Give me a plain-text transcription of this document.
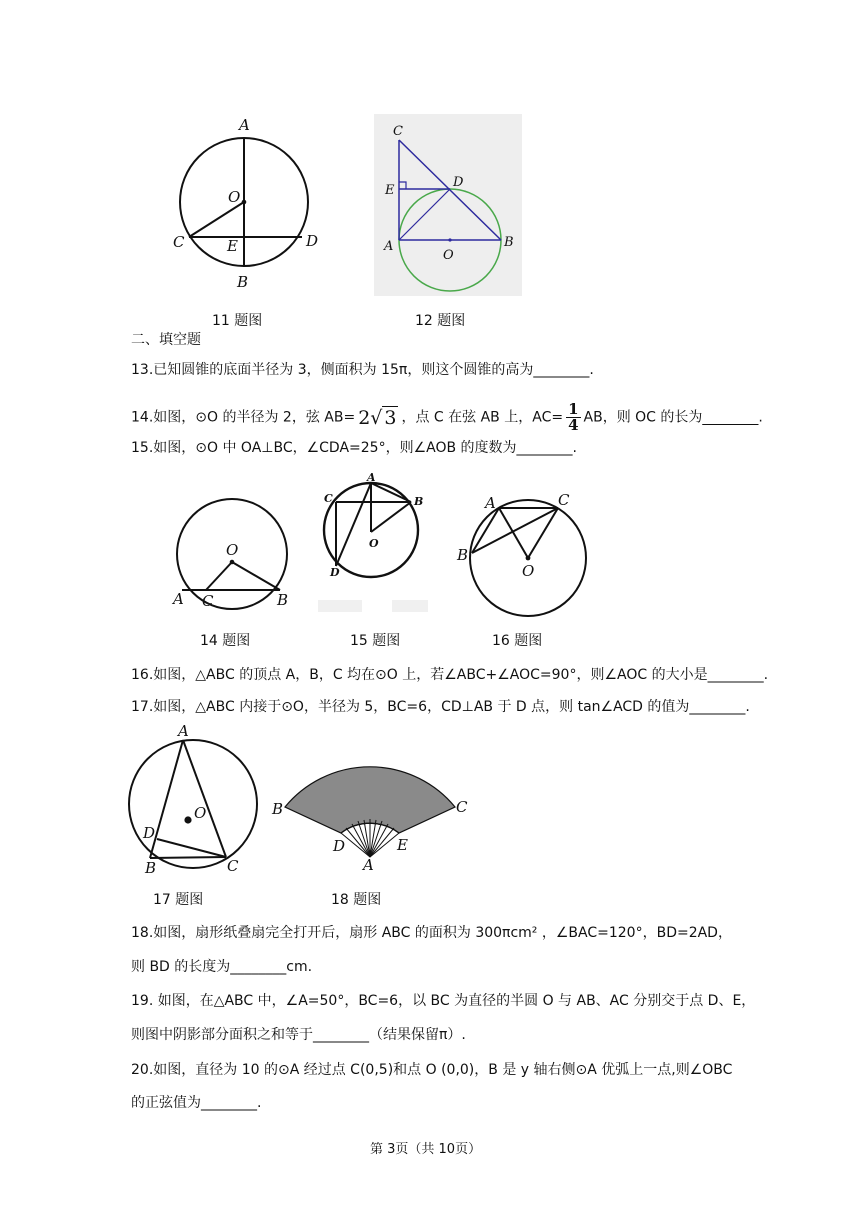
A
O
C	E	D
B
11 题图
C
E
D
A
O
B
12 题图
二、填空题
13.已知圆锥的底面半径为 3，侧面积为 15π，则这个圆锥的高为________.
14.如图，⊙O 的半径为 2，弦 AB= 2√ 3 ，点 C 在弦 AB 上，$AC= \frac{1}{4}$ AB，则 OC 的长为________.
15.如图，⊙O 中 OA⊥BC，∠CDA=25°，则∠AOB 的度数为________.
O
A C	B
14 题图
C
A
B
O
D
15 题图
A	C
B
O
16 题图
16.如图，△ABC 的顶点 A，B，C 均在⊙O 上，若∠ABC+∠AOC=90°，则∠AOC 的大小是________.
17.如图，△ABC 内接于⊙O，半径为 5，BC=6，CD⊥AB 于 D 点，则 tan∠ACD 的值为________.
A
O
D
B	C
17 题图
B	C
D	E
A
18 题图
18.如图，扇形纸叠扇完全打开后，扇形 ABC 的面积为 300πcm² ，∠BAC=120°，BD=2AD，
则 BD 的长度为________cm.
19. 如图，在△ABC 中，∠A=50°，BC=6，以 BC 为直径的半圆 O 与 AB、AC 分别交于点 D、E，
则图中阴影部分面积之和等于________（结果保留π）.
20.如图，直径为 10 的⊙A 经过点 C(0,5)和点 O (0,0)，B 是 y 轴右侧⊙A 优弧上一点,则∠OBC
的正弦值为________.
第 3页（共 10页）
